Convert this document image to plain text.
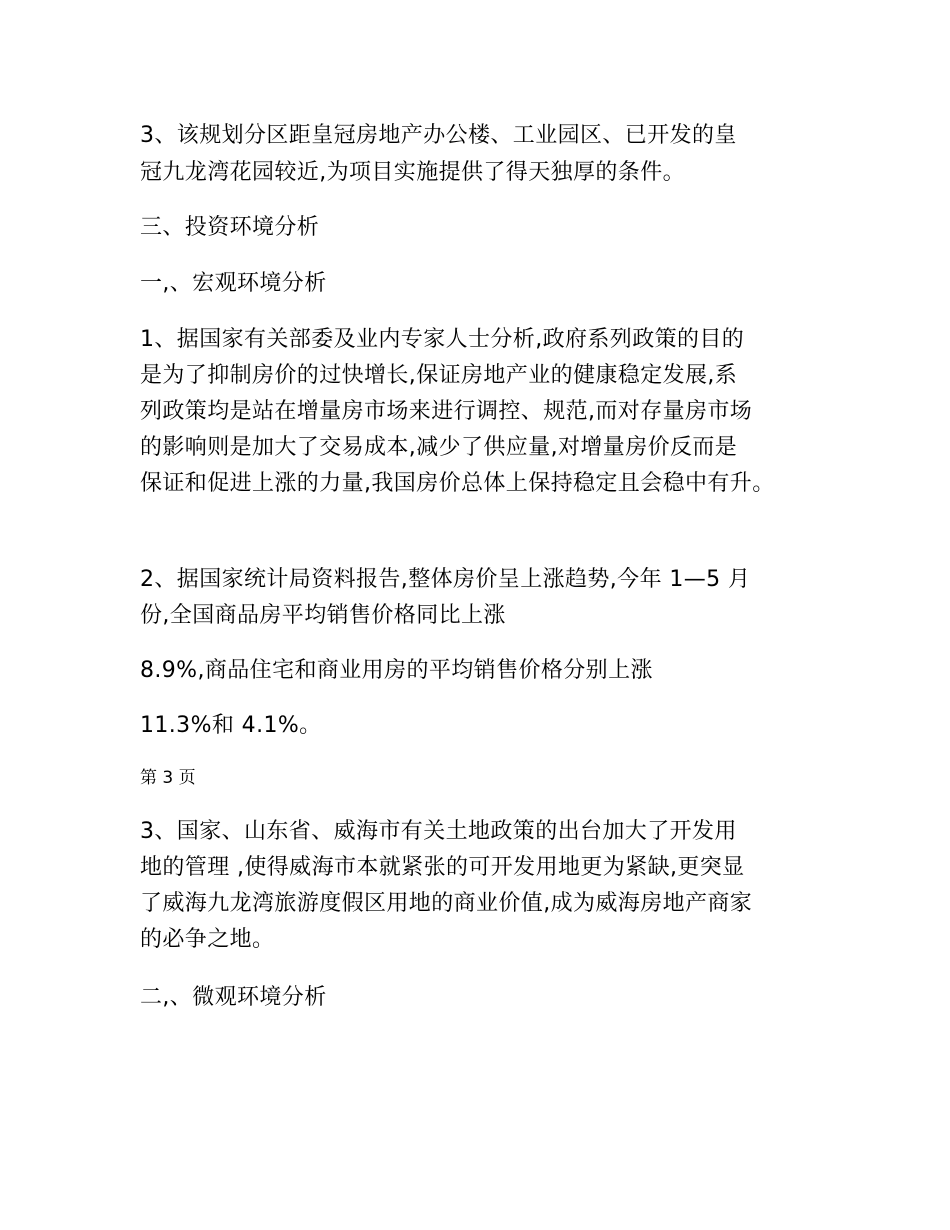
3、该规划分区距皇冠房地产办公楼、工业园区、已开发的皇
冠九龙湾花园较近,为项目实施提供了得天独厚的条件。
三、投资环境分析
一,、宏观环境分析
1、据国家有关部委及业内专家人士分析,政府系列政策的目的
是为了抑制房价的过快增长,保证房地产业的健康稳定发展,系
列政策均是站在增量房市场来进行调控、规范,而对存量房市场
的影响则是加大了交易成本,减少了供应量,对增量房价反而是
保证和促进上涨的力量,我国房价总体上保持稳定且会稳中有升。
2、据国家统计局资料报告,整体房价呈上涨趋势,今年 1—5 月
份,全国商品房平均销售价格同比上涨
8.9%,商品住宅和商业用房的平均销售价格分别上涨
11.3%和 4.1%。
第 3 页
3、国家、山东省、威海市有关土地政策的出台加大了开发用
地的管理 ,使得威海市本就紧张的可开发用地更为紧缺,更突显
了威海九龙湾旅游度假区用地的商业价值,成为威海房地产商家
的必争之地。
二,、微观环境分析
